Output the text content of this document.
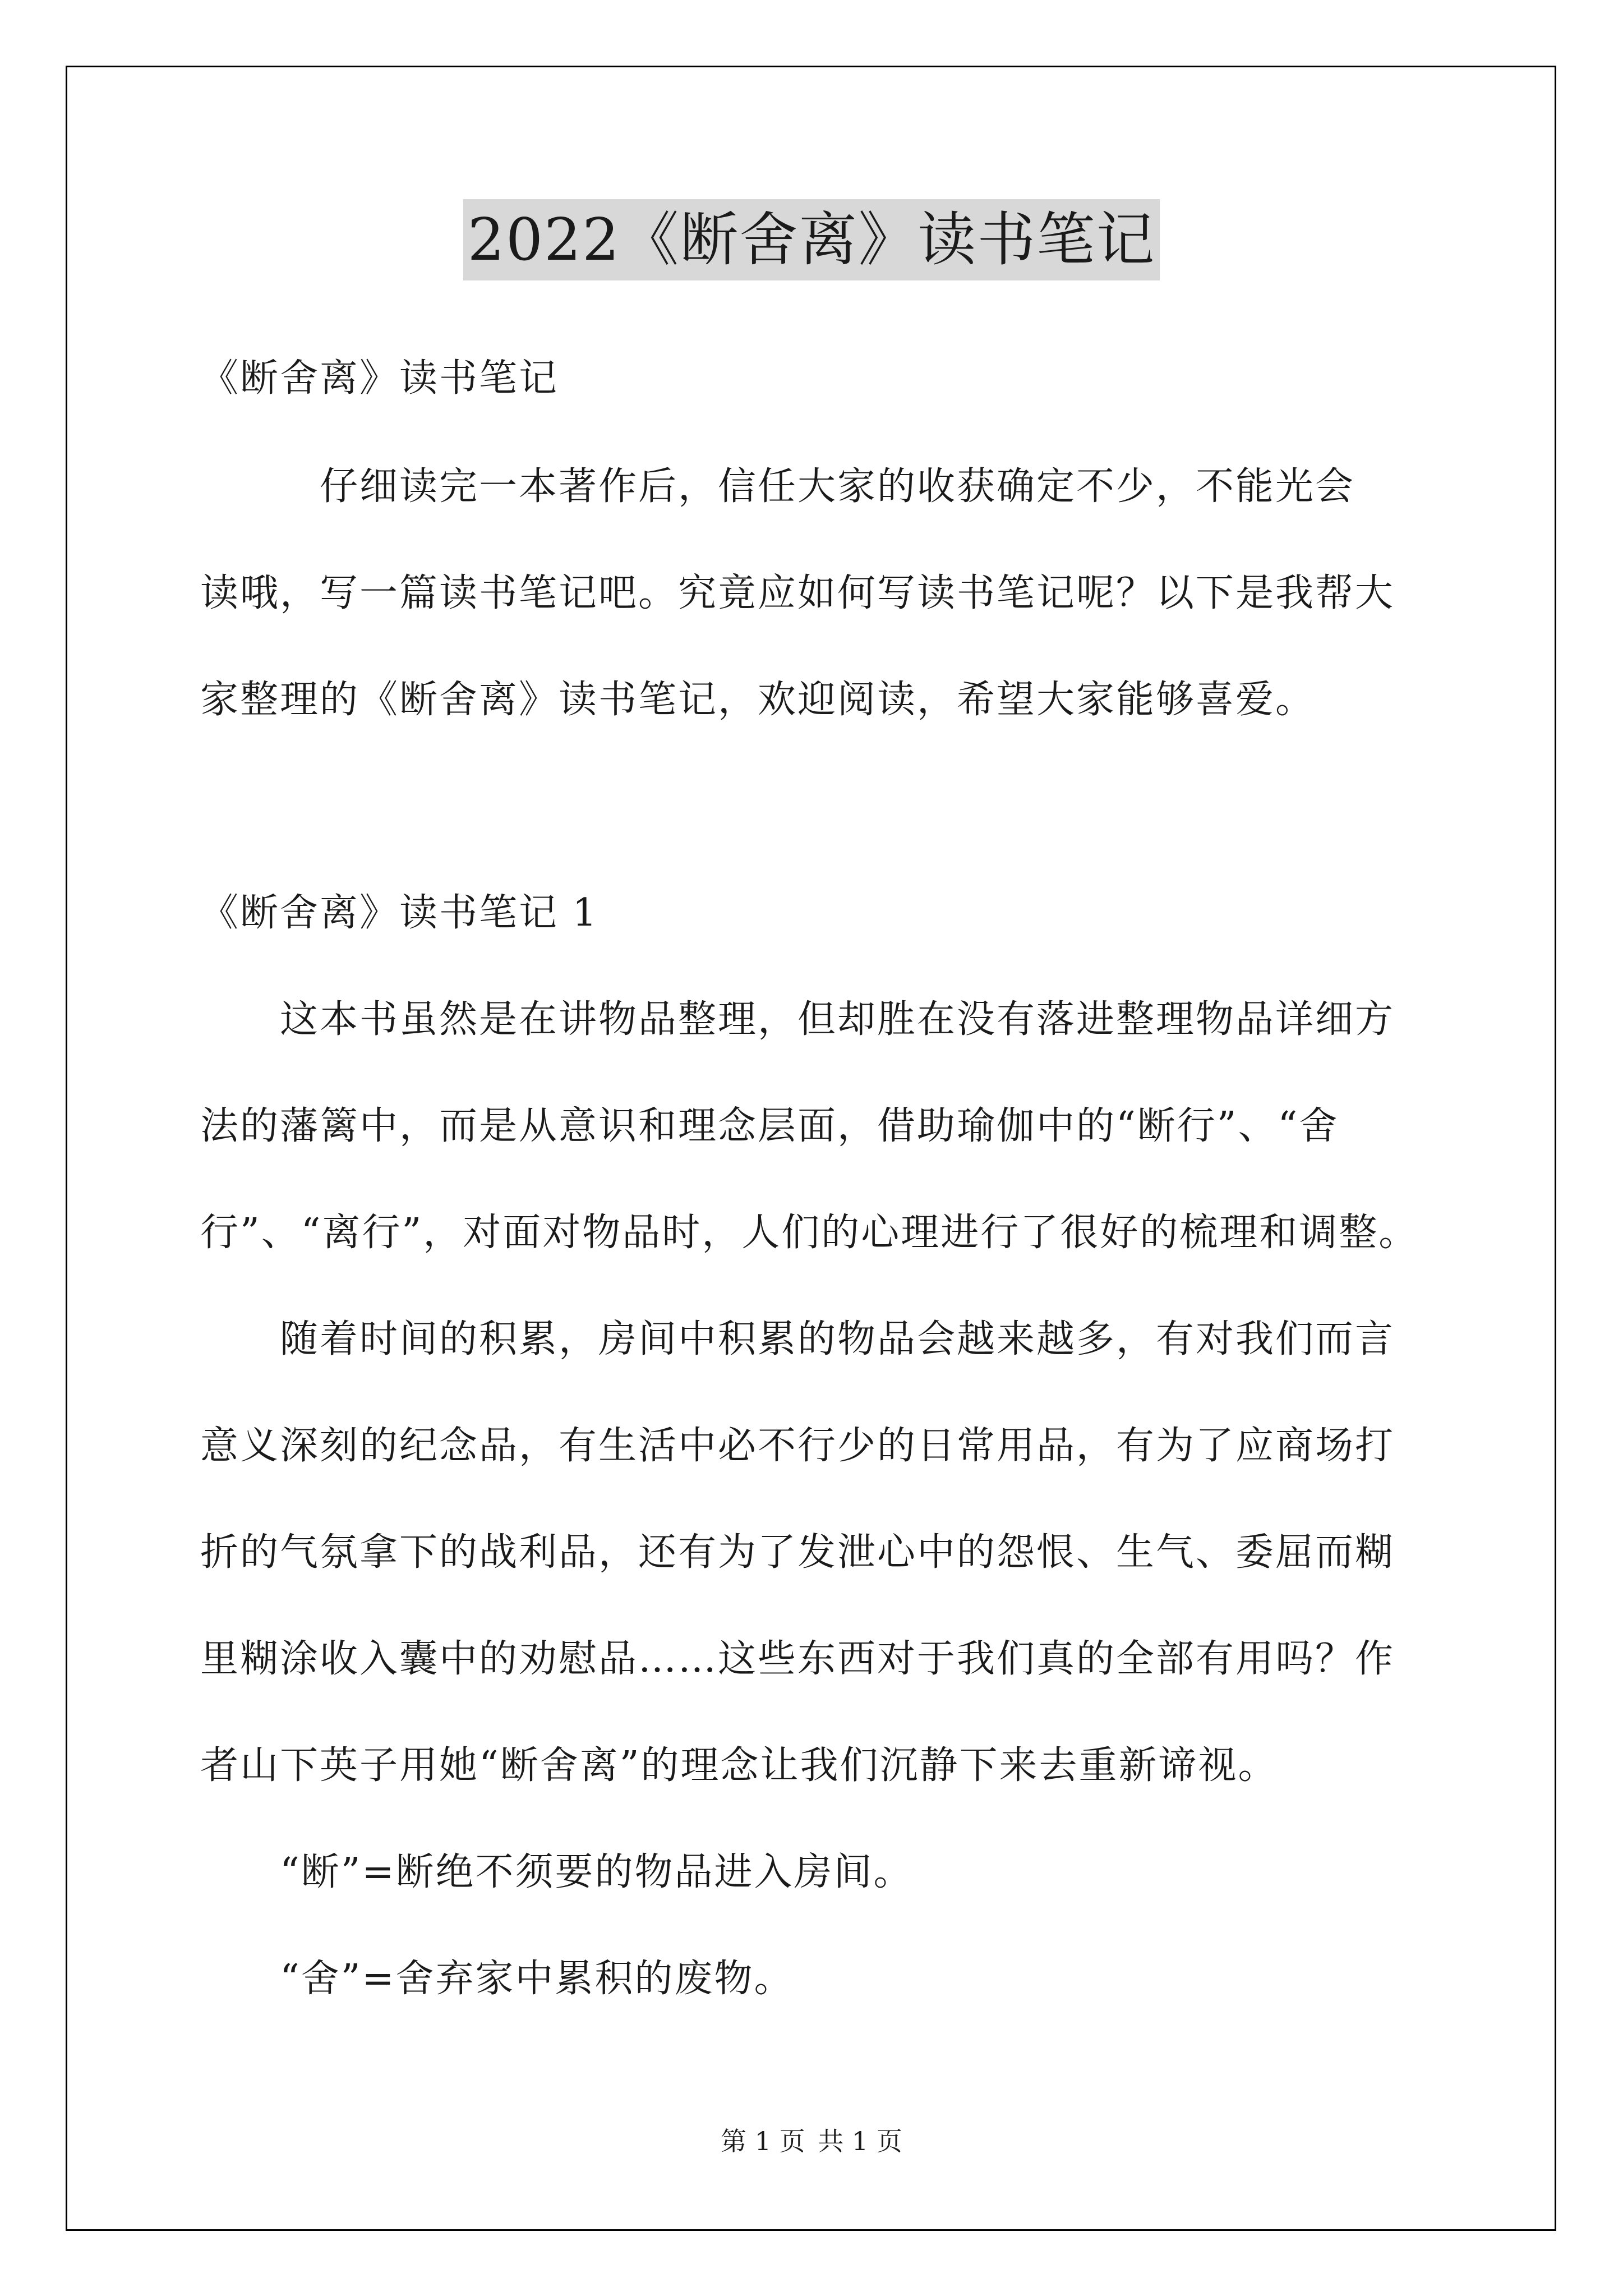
2022《断舍离》读书笔记
《断舍离》读书笔记
　　　仔细读完一本著作后，信任大家的收获确定不少，不能光会
读哦，写一篇读书笔记吧。究竟应如何写读书笔记呢？以下是我帮大
家整理的《断舍离》读书笔记，欢迎阅读，希望大家能够喜爱。
《断舍离》读书笔记 1
　　这本书虽然是在讲物品整理，但却胜在没有落进整理物品详细方
法的藩篱中，而是从意识和理念层面，借助瑜伽中的“断行”、“舍
行”、“离行”，对面对物品时，人们的心理进行了很好的梳理和调整。
　　随着时间的积累，房间中积累的物品会越来越多，有对我们而言
意义深刻的纪念品，有生活中必不行少的日常用品，有为了应商场打
折的气氛拿下的战利品，还有为了发泄心中的怨恨、生气、委屈而糊
里糊涂收入囊中的劝慰品……这些东西对于我们真的全部有用吗？作
者山下英子用她“断舍离”的理念让我们沉静下来去重新谛视。
　　“断”=断绝不须要的物品进入房间。
　　“舍”=舍弃家中累积的废物。
第 1 页 共 1 页
